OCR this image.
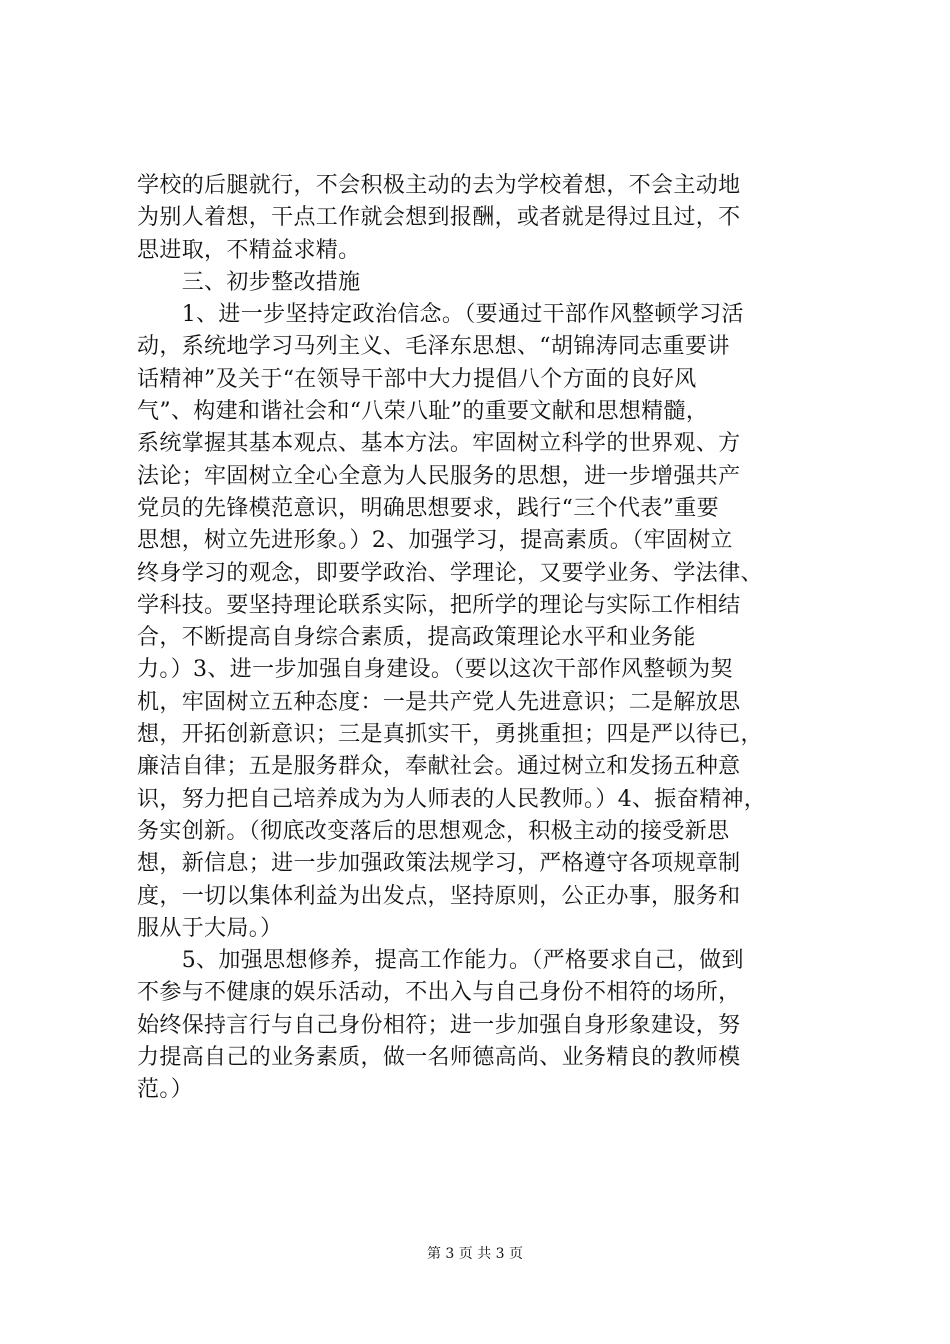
学校的后腿就行，不会积极主动的去为学校着想，不会主动地
为别人着想，干点工作就会想到报酬，或者就是得过且过，不
思进取，不精益求精。
　　三、初步整改措施
　　1、进一步坚持定政治信念。（要通过干部作风整顿学习活
动，系统地学习马列主义、毛泽东思想、“胡锦涛同志重要讲
话精神”及关于“在领导干部中大力提倡八个方面的良好风
气”、构建和谐社会和“八荣八耻”的重要文献和思想精髓，
系统掌握其基本观点、基本方法。牢固树立科学的世界观、方
法论；牢固树立全心全意为人民服务的思想，进一步增强共产
党员的先锋模范意识，明确思想要求，践行“三个代表”重要
思想，树立先进形象。）2、加强学习，提高素质。（牢固树立
终身学习的观念，即要学政治、学理论，又要学业务、学法律、
学科技。要坚持理论联系实际，把所学的理论与实际工作相结
合，不断提高自身综合素质，提高政策理论水平和业务能
力。）3、进一步加强自身建设。（要以这次干部作风整顿为契
机，牢固树立五种态度：一是共产党人先进意识；二是解放思
想，开拓创新意识；三是真抓实干，勇挑重担；四是严以待已，
廉洁自律；五是服务群众，奉献社会。通过树立和发扬五种意
识，努力把自己培养成为为人师表的人民教师。）4、振奋精神，
务实创新。（彻底改变落后的思想观念，积极主动的接受新思
想，新信息；进一步加强政策法规学习，严格遵守各项规章制
度，一切以集体利益为出发点，坚持原则，公正办事，服务和
服从于大局。）
　　5、加强思想修养，提高工作能力。（严格要求自己，做到
不参与不健康的娱乐活动，不出入与自己身份不相符的场所，
始终保持言行与自己身份相符；进一步加强自身形象建设，努
力提高自己的业务素质，做一名师德高尚、业务精良的教师模
范。）
第 3 页 共 3 页
